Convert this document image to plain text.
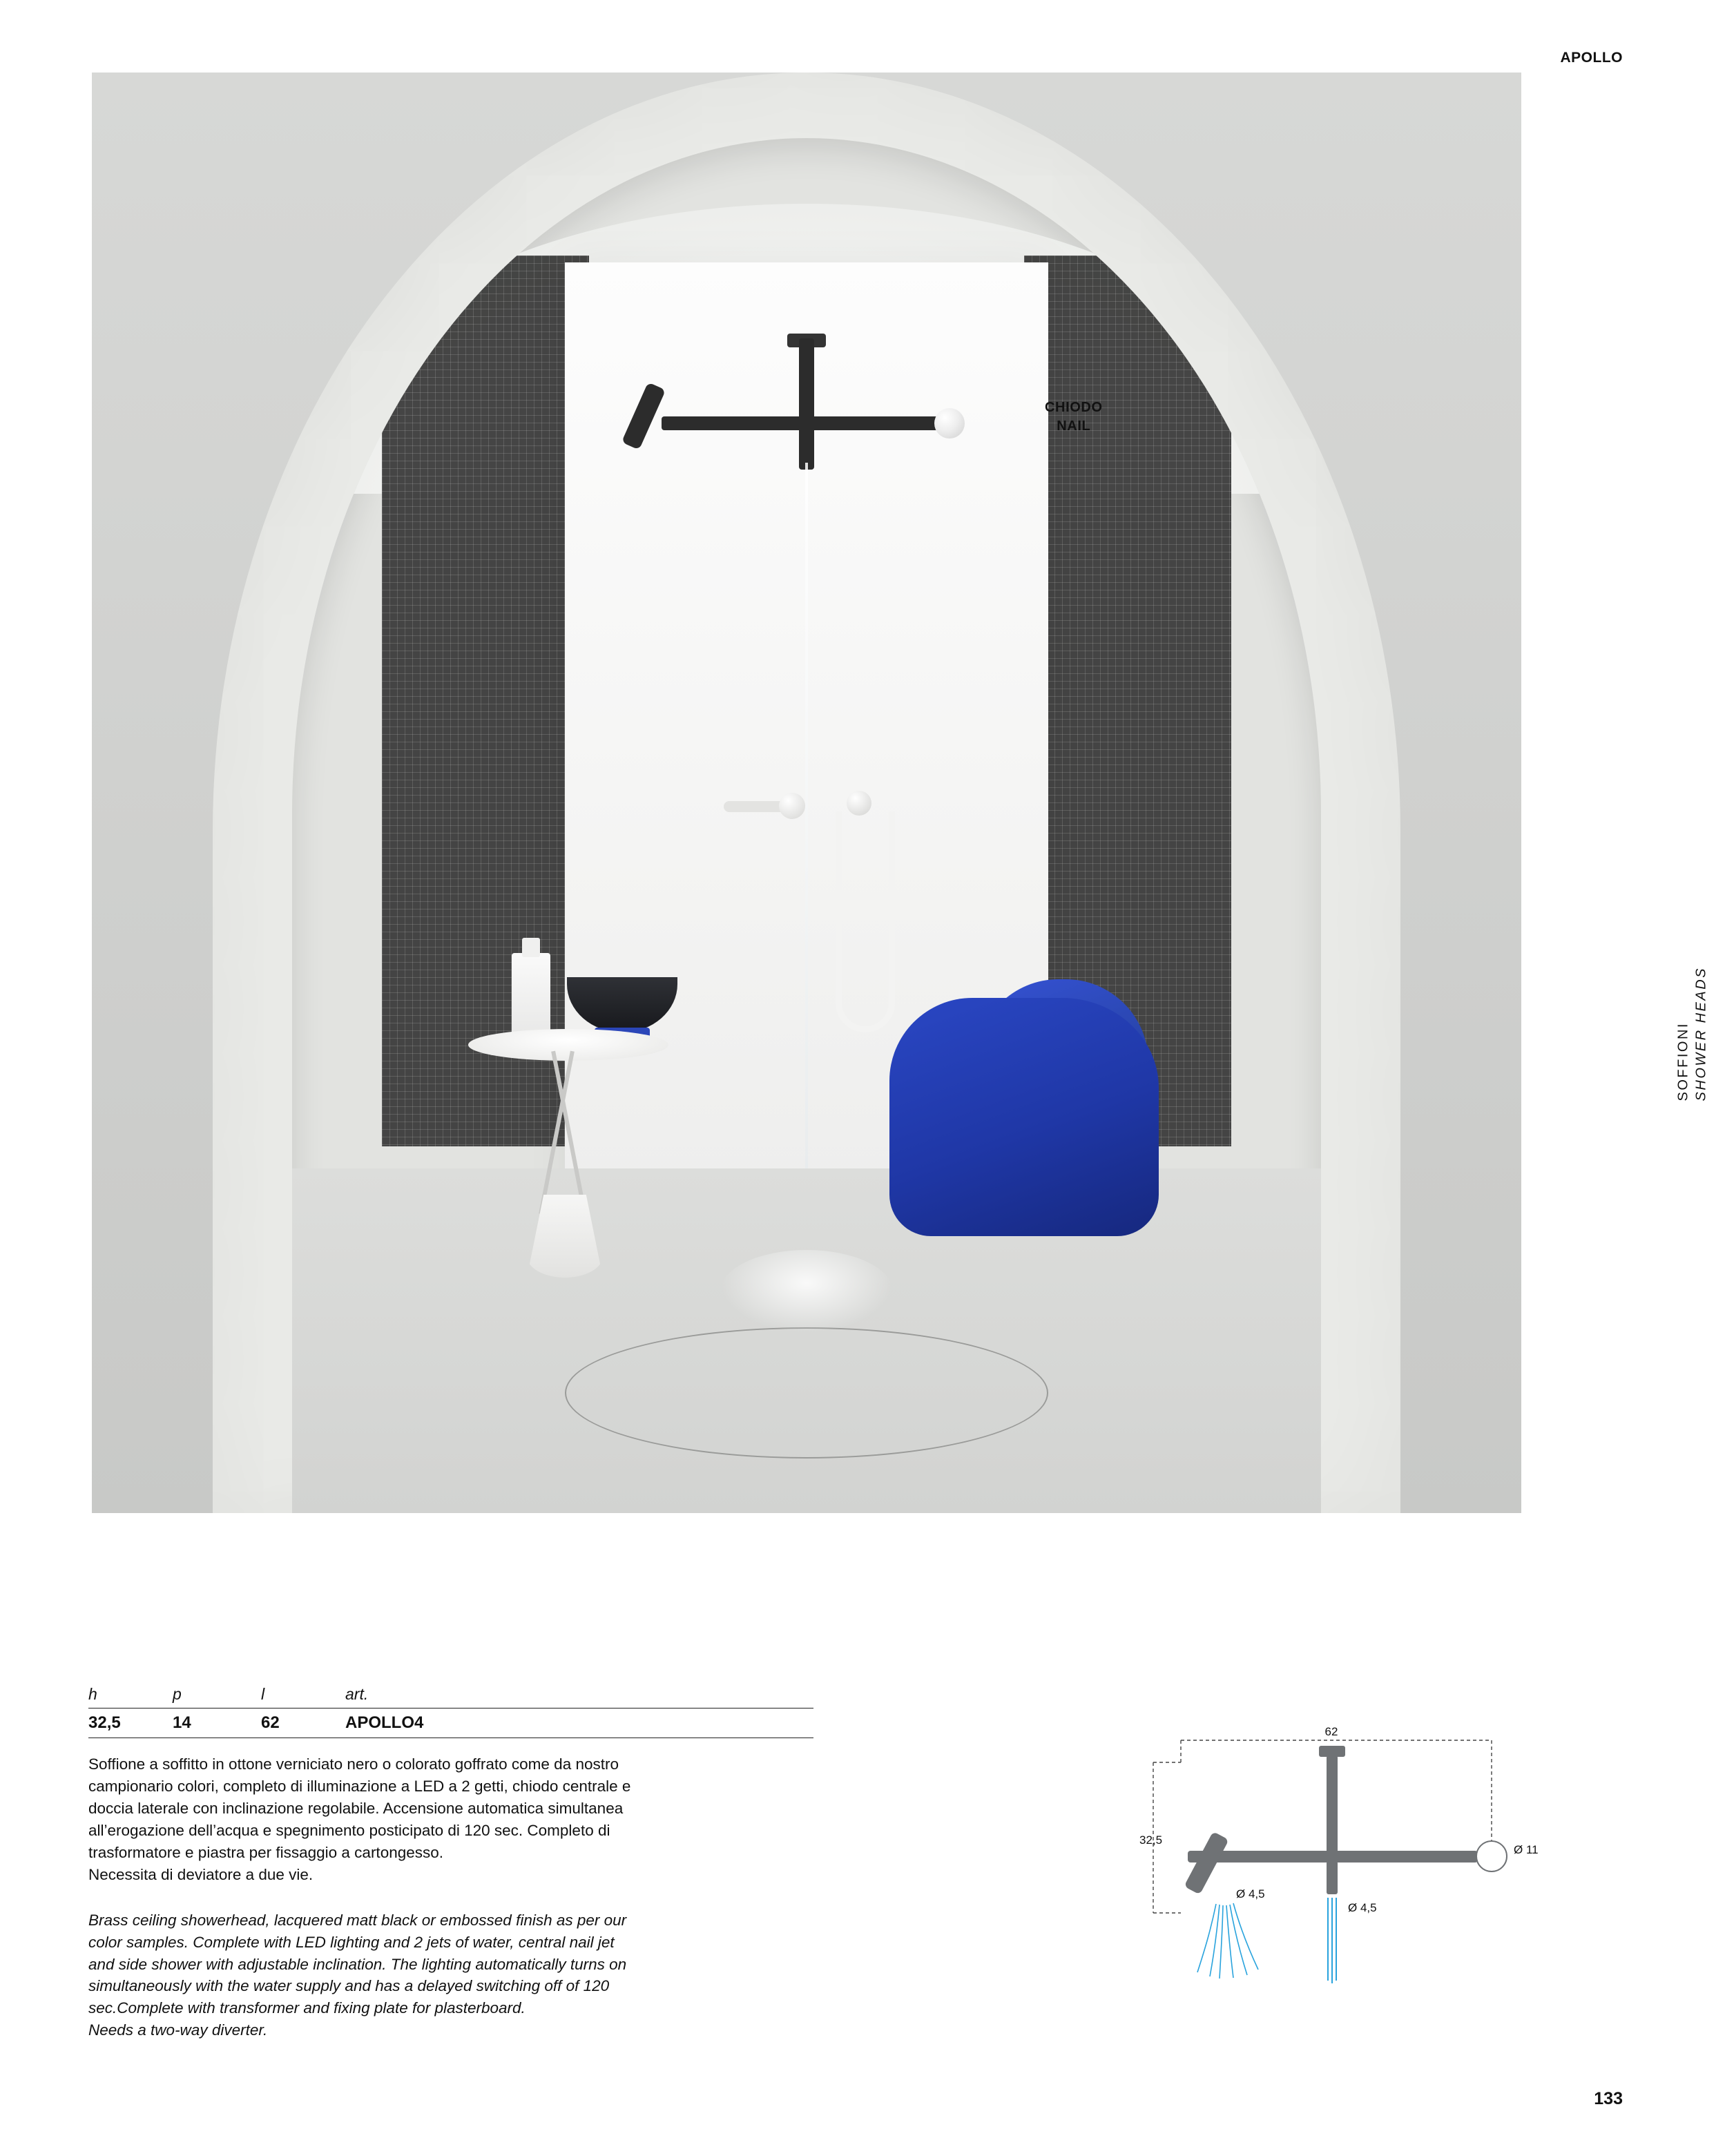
APOLLO
SOFFIONI SHOWER HEADS
CHIODO
NAIL
h	p	l	art.
32,5	14	62	APOLLO4

Soffione a soffitto in ottone verniciato nero o colorato goffrato come da nostro

campionario colori, completo di illuminazione a LED a 2 getti, chiodo centrale e

doccia laterale con inclinazione regolabile. Accensione automatica simultanea

all’erogazione dell’acqua e spegnimento posticipato di 120 sec. Completo di

trasformatore e piastra per fissaggio a cartongesso.

Necessita di deviatore a due vie.

Brass ceiling showerhead, lacquered matt black or embossed finish as per our

color samples. Complete with LED lighting and 2 jets of water, central nail jet

and side shower with adjustable inclination. The lighting automatically turns on

simultaneously with the water supply and has a delayed switching off of 120

sec.Complete with transformer and fixing plate for plasterboard.

Needs a two-way diverter.

62
32,5
Ø 11
Ø 4,5
Ø 4,5
133
